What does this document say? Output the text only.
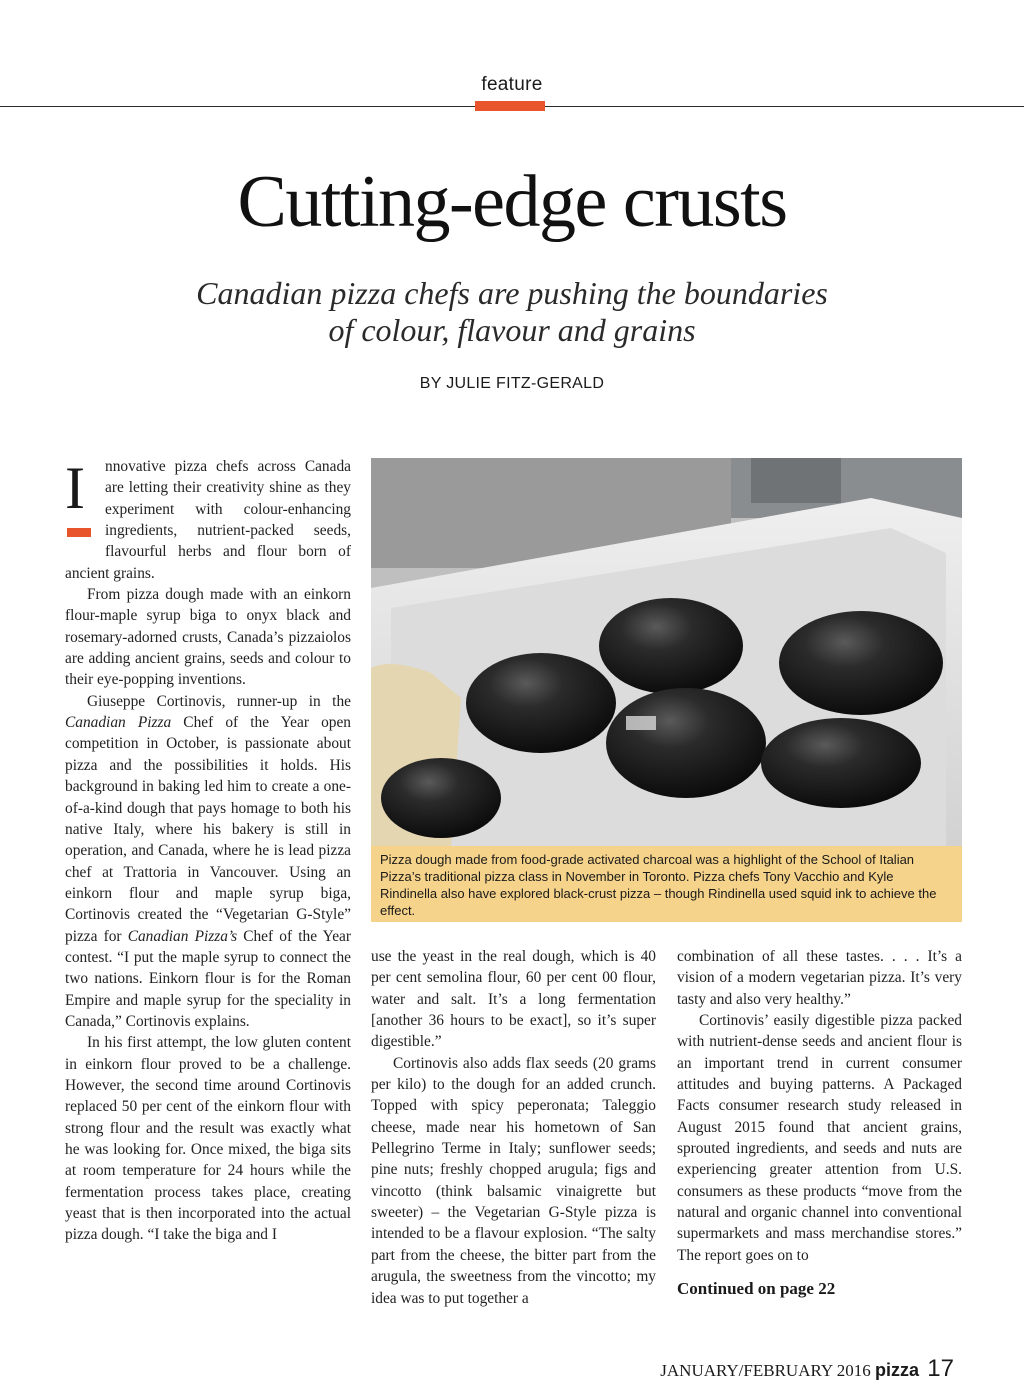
feature
Cutting-edge crusts
Canadian pizza chefs are pushing the boundaries
of colour, flavour and grains
BY JULIE FITZ-GERALD

I	nnovative pizza chefs across Canada are letting their creativity shine as they experiment with colour-enhancing ingredients, nutrient-packed seeds, flavourful herbs and flour born of ancient grains.

From pizza dough made with an einkorn flour-maple syrup biga to onyx black and rosemary-adorned crusts, Canada’s pizzaiolos are adding ancient grains, seeds and colour to their eye-popping inventions.

Giuseppe Cortinovis, runner-up in the Canadian Pizza Chef of the Year open competition in October, is passionate about pizza and the possibilities it holds. His background in baking led him to create a one-of-a-kind dough that pays homage to both his native Italy, where his bakery is still in operation, and Canada, where he is lead pizza chef at Trattoria in Vancouver. Using an einkorn flour and maple syrup biga, Cortinovis created the “Vegetarian G-Style” pizza for Canadian Pizza’s Chef of the Year contest. “I put the maple syrup to connect the two nations. Einkorn flour is for the Roman Empire and maple syrup for the speciality in Canada,” Cortinovis explains.

In his first attempt, the low gluten content in einkorn flour proved to be a challenge. However, the second time around Cortinovis replaced 50 per cent of the einkorn flour with strong flour and the result was exactly what he was looking for. Once mixed, the biga sits at room temperature for 24 hours while the fermentation process takes place, creating yeast that is then incorporated into the actual pizza dough. “I take the biga and I

Pizza dough made from food-grade activated charcoal was a highlight of the School of Italian Pizza’s traditional pizza class in November in Toronto. Pizza chefs Tony Vacchio and Kyle Rindinella also have explored black-crust pizza – though Rindinella used squid ink to achieve the effect.

use the yeast in the real dough, which is 40 per cent semolina flour, 60 per cent 00 flour, water and salt. It’s a long fermentation [another 36 hours to be exact], so it’s super digestible.”

Cortinovis also adds flax seeds (20 grams per kilo) to the dough for an added crunch. Topped with spicy peperonata; Taleggio cheese, made near his hometown of San Pellegrino Terme in Italy; sunflower seeds; pine nuts; freshly chopped arugula; figs and vincotto (think balsamic vinaigrette but sweeter) – the Vegetarian G-Style pizza is intended to be a flavour explosion. “The salty part from the cheese, the bitter part from the arugula, the sweetness from the vincotto; my idea was to put together a

combination of all these tastes. . . . It’s a vision of a modern vegetarian pizza. It’s very tasty and also very healthy.”

Cortinovis’ easily digestible pizza packed with nutrient-dense seeds and ancient flour is an important trend in current consumer attitudes and buying patterns. A Packaged Facts consumer research study released in August 2015 found that ancient grains, sprouted ingredients, and seeds and nuts are experiencing greater attention from U.S. consumers as these products “move from the natural and organic channel into conventional supermarkets and mass merchandise stores.” The report goes on to

Continued on page 22
JANUARY/FEBRUARY 2016 pizza 17
